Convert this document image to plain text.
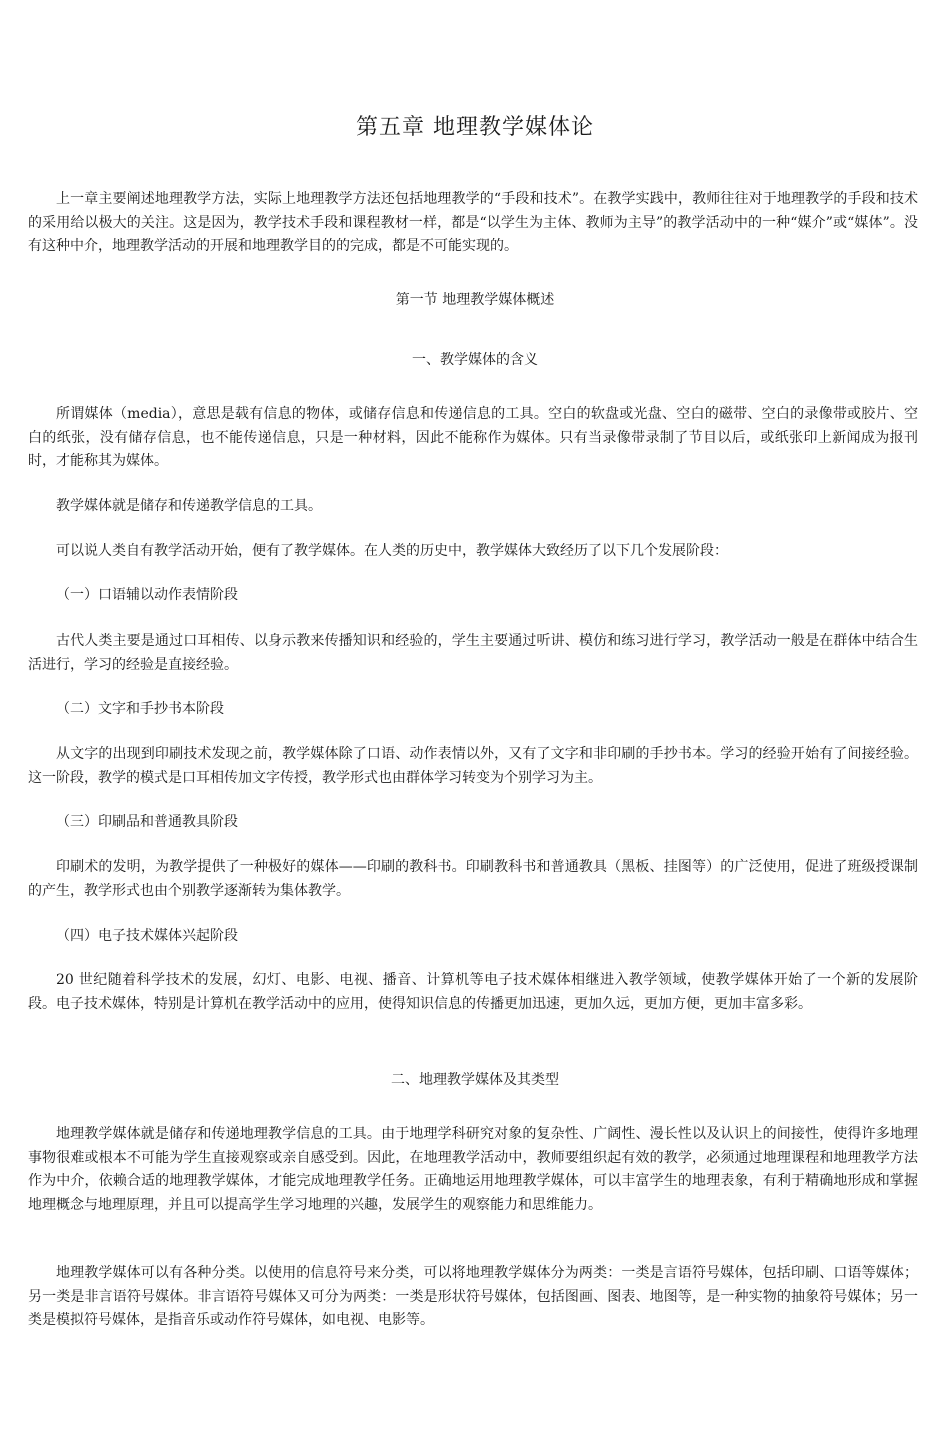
第五章 地理教学媒体论

上一章主要阐述地理教学方法，实际上地理教学方法还包括地理教学的“手段和技术”。在教学实践中，教师往往对于地理教学的手段和技术的采用给以极大的关注。这是因为，教学技术手段和课程教材一样，都是“以学生为主体、教师为主导”的教学活动中的一种“媒介”或“媒体”。没有这种中介，地理教学活动的开展和地理教学目的的完成，都是不可能实现的。

第一节 地理教学媒体概述
一、教学媒体的含义

所谓媒体（media），意思是载有信息的物体，或储存信息和传递信息的工具。空白的软盘或光盘、空白的磁带、空白的录像带或胶片、空白的纸张，没有储存信息，也不能传递信息，只是一种材料，因此不能称作为媒体。只有当录像带录制了节目以后，或纸张印上新闻成为报刊时，才能称其为媒体。

教学媒体就是储存和传递教学信息的工具。

可以说人类自有教学活动开始，便有了教学媒体。在人类的历史中，教学媒体大致经历了以下几个发展阶段：

（一）口语辅以动作表情阶段

古代人类主要是通过口耳相传、以身示教来传播知识和经验的，学生主要通过听讲、模仿和练习进行学习，教学活动一般是在群体中结合生活进行，学习的经验是直接经验。

（二）文字和手抄书本阶段

从文字的出现到印刷技术发现之前，教学媒体除了口语、动作表情以外，又有了文字和非印刷的手抄书本。学习的经验开始有了间接经验。这一阶段，教学的模式是口耳相传加文字传授，教学形式也由群体学习转变为个别学习为主。

（三）印刷品和普通教具阶段

印刷术的发明，为教学提供了一种极好的媒体——印刷的教科书。印刷教科书和普通教具（黑板、挂图等）的广泛使用，促进了班级授课制的产生，教学形式也由个别教学逐渐转为集体教学。

（四）电子技术媒体兴起阶段

20 世纪随着科学技术的发展，幻灯、电影、电视、播音、计算机等电子技术媒体相继进入教学领域，使教学媒体开始了一个新的发展阶段。电子技术媒体，特别是计算机在教学活动中的应用，使得知识信息的传播更加迅速，更加久远，更加方便，更加丰富多彩。

二、地理教学媒体及其类型

地理教学媒体就是储存和传递地理教学信息的工具。由于地理学科研究对象的复杂性、广阔性、漫长性以及认识上的间接性，使得许多地理事物很难或根本不可能为学生直接观察或亲自感受到。因此，在地理教学活动中，教师要组织起有效的教学，必须通过地理课程和地理教学方法作为中介，依赖合适的地理教学媒体，才能完成地理教学任务。正确地运用地理教学媒体，可以丰富学生的地理表象，有利于精确地形成和掌握地理概念与地理原理，并且可以提高学生学习地理的兴趣，发展学生的观察能力和思维能力。

地理教学媒体可以有各种分类。以使用的信息符号来分类，可以将地理教学媒体分为两类：一类是言语符号媒体，包括印刷、口语等媒体；另一类是非言语符号媒体。非言语符号媒体又可分为两类：一类是形状符号媒体，包括图画、图表、地图等，是一种实物的抽象符号媒体；另一类是模拟符号媒体，是指音乐或动作符号媒体，如电视、电影等。
